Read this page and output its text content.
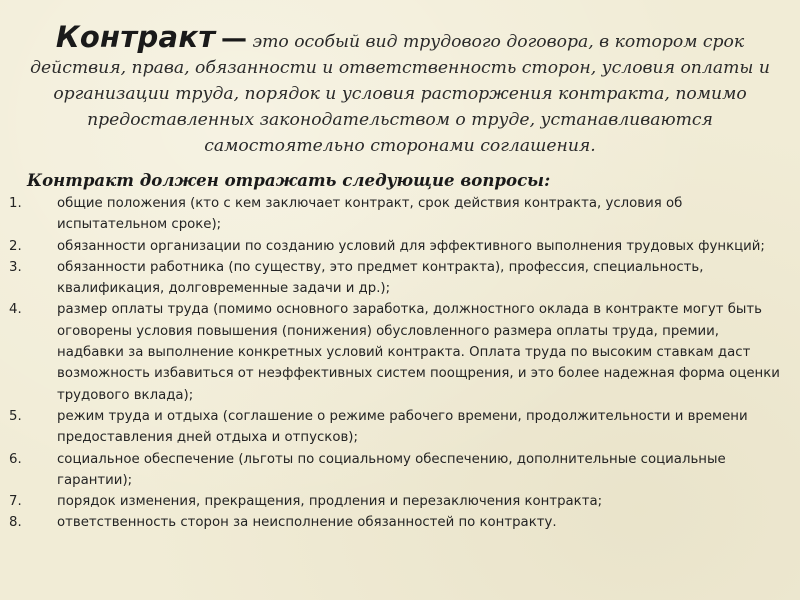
Контракт — это особый вид трудового договора, в котором срок действия, права, обязанности и ответственность сторон, условия оплаты и организации труда, порядок и условия расторжения контракта, помимо предоставленных законодательством о труде, устанавливаются самостоятельно сторонами соглашения.

Контракт должен отражать следующие вопросы:

1.	общие положения (кто с кем заключает контракт, срок действия контракта, условия об испытательном сроке);
2.	обязанности организации по созданию условий для эффективного выполнения трудовых функций;
3.	обязанности работника (по существу, это предмет контракта), профессия, специальность, квалификация, долговременные задачи и др.);
4.	размер оплаты труда (помимо основного заработка, должностного оклада в контракте могут быть оговорены условия повышения (понижения) обусловленного размера оплаты труда, премии, надбавки за выполнение конкретных условий контракта. Оплата труда по высоким ставкам даст возможность избавиться от неэффективных систем поощрения, и это более надежная форма оценки трудового вклада);
5.	режим труда и отдыха (соглашение о режиме рабочего времени, продолжительности и времени предоставления дней отдыха и отпусков);
6.	социальное обеспечение (льготы по социальному обеспечению, дополнительные социальные гарантии);
7.	порядок изменения, прекращения, продления и перезаключения контракта;
8.	ответственность сторон за неисполнение обязанностей по контракту.
